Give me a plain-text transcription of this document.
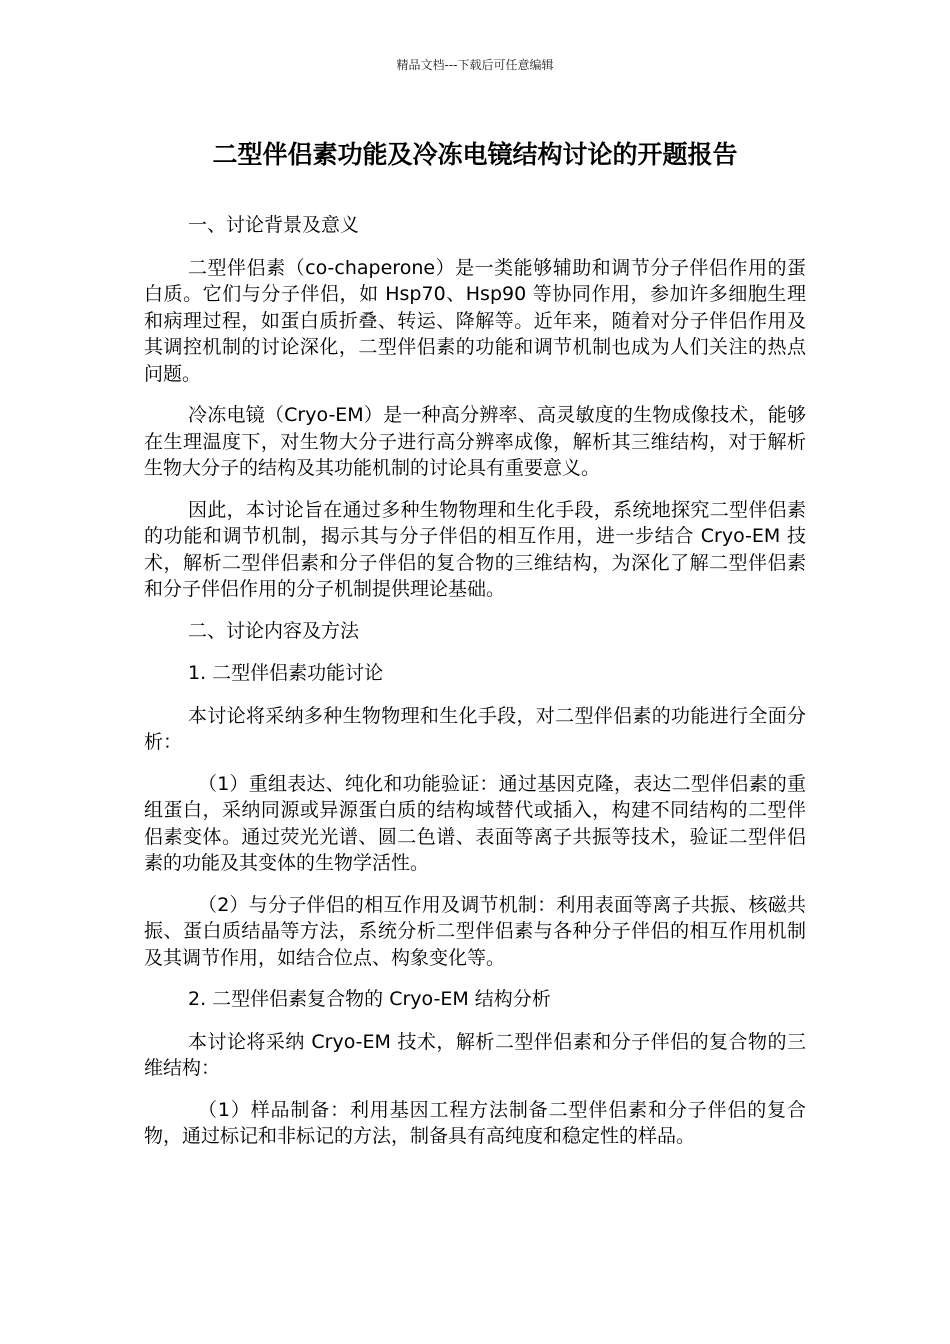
精品文档---下载后可任意编辑
二型伴侣素功能及冷冻电镜结构讨论的开题报告

一、讨论背景及意义

二型伴侣素（co-chaperone）是一类能够辅助和调节分子伴侣作用的蛋白质。它们与分子伴侣，如 Hsp70、Hsp90 等协同作用，参加许多细胞生理和病理过程，如蛋白质折叠、转运、降解等。近年来，随着对分子伴侣作用及其调控机制的讨论深化，二型伴侣素的功能和调节机制也成为人们关注的热点问题。

冷冻电镜（Cryo-EM）是一种高分辨率、高灵敏度的生物成像技术，能够在生理温度下，对生物大分子进行高分辨率成像，解析其三维结构，对于解析生物大分子的结构及其功能机制的讨论具有重要意义。

因此，本讨论旨在通过多种生物物理和生化手段，系统地探究二型伴侣素的功能和调节机制，揭示其与分子伴侣的相互作用，进一步结合 Cryo-EM 技术，解析二型伴侣素和分子伴侣的复合物的三维结构，为深化了解二型伴侣素和分子伴侣作用的分子机制提供理论基础。

二、讨论内容及方法

1. 二型伴侣素功能讨论

本讨论将采纳多种生物物理和生化手段，对二型伴侣素的功能进行全面分析：

（1）重组表达、纯化和功能验证：通过基因克隆，表达二型伴侣素的重组蛋白，采纳同源或异源蛋白质的结构域替代或插入，构建不同结构的二型伴侣素变体。通过荧光光谱、圆二色谱、表面等离子共振等技术，验证二型伴侣素的功能及其变体的生物学活性。

（2）与分子伴侣的相互作用及调节机制：利用表面等离子共振、核磁共振、蛋白质结晶等方法，系统分析二型伴侣素与各种分子伴侣的相互作用机制及其调节作用，如结合位点、构象变化等。

2. 二型伴侣素复合物的 Cryo-EM 结构分析

本讨论将采纳 Cryo-EM 技术，解析二型伴侣素和分子伴侣的复合物的三维结构：

（1）样品制备：利用基因工程方法制备二型伴侣素和分子伴侣的复合物，通过标记和非标记的方法，制备具有高纯度和稳定性的样品。
